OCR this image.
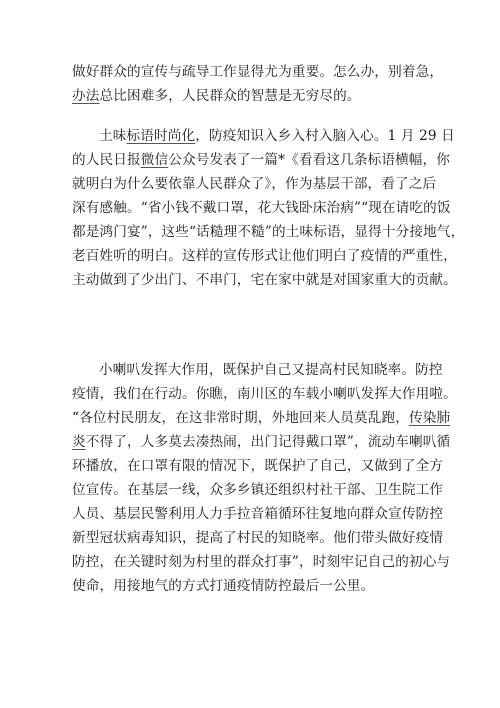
做好群众的宣传与疏导工作显得尤为重要。怎么办，别着急，
办法总比困难多，人民群众的智慧是无穷尽的。
土味标语时尚化，防疫知识入乡入村入脑入心。1 月 29 日
的人民日报微信公众号发表了一篇*《看看这几条标语横幅，你
就明白为什么要依靠人民群众了》，作为基层干部，看了之后
深有感触。“省小钱不戴口罩，花大钱卧床治病”“现在请吃的饭
都是鸿门宴”，这些“话糙理不糙”的土味标语，显得十分接地气，
老百姓听的明白。这样的宣传形式让他们明白了疫情的严重性，
主动做到了少出门、不串门，宅在家中就是对国家重大的贡献。
小喇叭发挥大作用，既保护自己又提高村民知晓率。防控
疫情，我们在行动。你瞧，南川区的车载小喇叭发挥大作用啦。
“各位村民朋友，在这非常时期，外地回来人员莫乱跑，传染肺
炎不得了，人多莫去凑热闹，出门记得戴口罩”，流动车喇叭循
环播放，在口罩有限的情况下，既保护了自己，又做到了全方
位宣传。在基层一线，众多乡镇还组织村社干部、卫生院工作
人员、基层民警利用人力手拉音箱循环往复地向群众宣传防控
新型冠状病毒知识，提高了村民的知晓率。他们带头做好疫情
防控，在关键时刻为村里的群众打事”，时刻牢记自己的初心与
使命，用接地气的方式打通疫情防控最后一公里。
